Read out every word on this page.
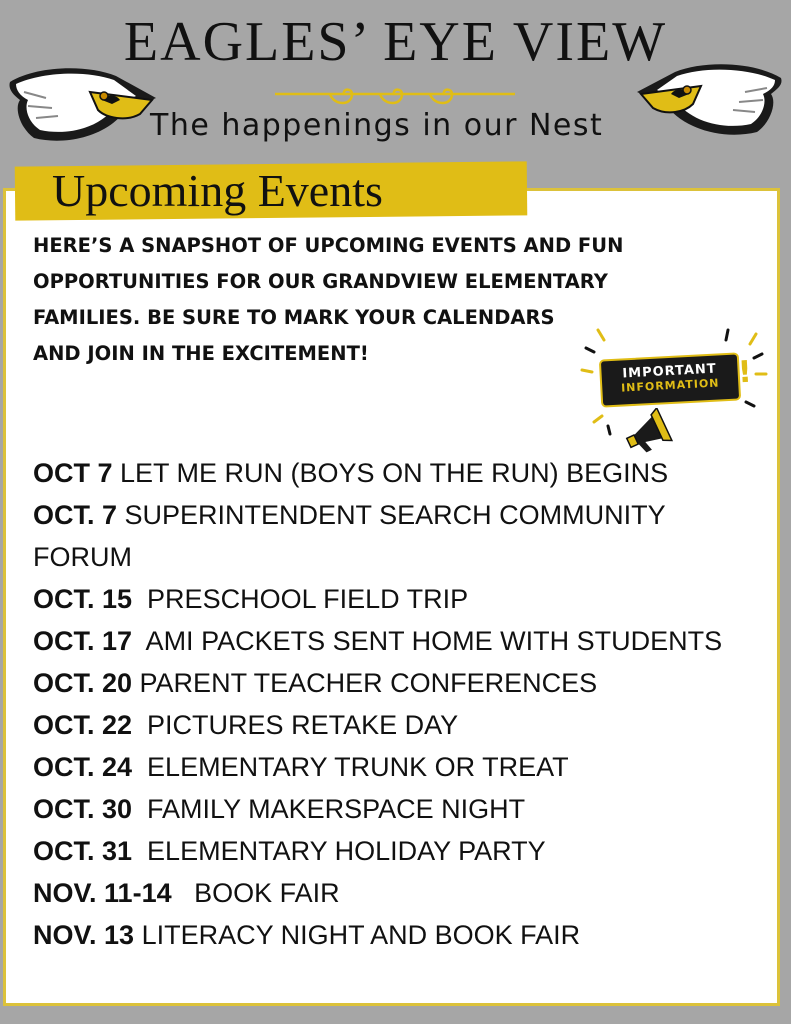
EAGLES’ EYE VIEW
The happenings in our Nest
Upcoming Events

HERE’S A SNAPSHOT OF UPCOMING EVENTS AND FUN
OPPORTUNITIES FOR OUR GRANDVIEW ELEMENTARY
FAMILIES. BE SURE TO MARK YOUR CALENDARS
AND JOIN IN THE EXCITEMENT!

IMPORTANT
INFORMATION !
OCT 7 LET ME RUN (BOYS ON THE RUN) BEGINS
OCT. 7 SUPERINTENDENT SEARCH COMMUNITY FORUM
OCT. 15  PRESCHOOL FIELD TRIP
OCT. 17  AMI PACKETS SENT HOME WITH STUDENTS
OCT. 20 PARENT TEACHER CONFERENCES
OCT. 22  PICTURES RETAKE DAY
OCT. 24  ELEMENTARY TRUNK OR TREAT
OCT. 30  FAMILY MAKERSPACE NIGHT
OCT. 31  ELEMENTARY HOLIDAY PARTY
NOV. 11-14   BOOK FAIR
NOV. 13 LITERACY NIGHT AND BOOK FAIR
